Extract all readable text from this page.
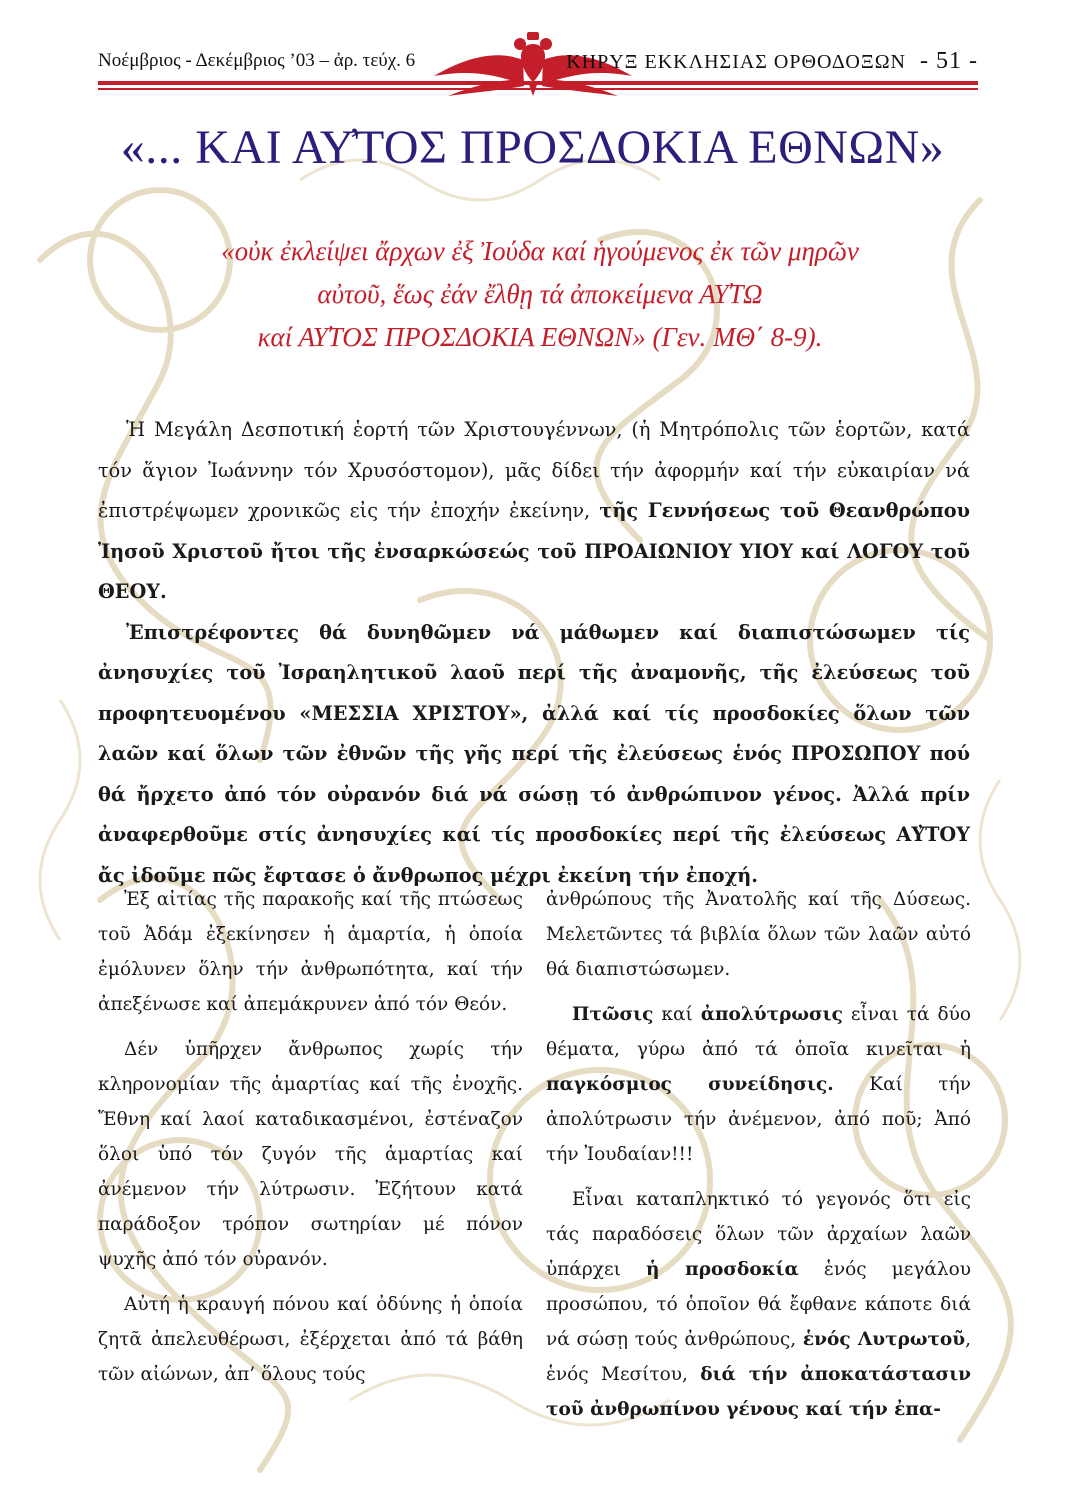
Νοέμβριος - Δεκέμβριος ’03 – ἀρ. τεύχ. 6	ΚΗΡΥΞ ΕΚΚΛΗΣΙΑΣ ΟΡΘΟΔΟΞΩΝ - 51 -
«... ΚΑΙ ΑΥ̓ΤΟΣ ΠΡΟΣΔΟΚΙΑ ΕΘΝΩΝ»
«οὐκ ἐκλείψει ἄρχων ἐξ Ἰούδα καί ἡγούμενος ἐκ τῶν μηρῶν
αὐτοῦ, ἕως ἐάν ἔλθῃ τά ἀποκείμενα ΑΥ̓ΤΩ
καί ΑΥ̓ΤΟΣ ΠΡΟΣΔΟΚΙΑ ΕΘΝΩΝ» (Γεν. ΜΘ΄ 8-9).

Ἡ Μεγάλη Δεσποτική ἑορτή τῶν Χριστουγέννων, (ἡ Μητρόπολις τῶν ἑορτῶν, κατά τόν ἅγιον Ἰωάννην τόν Χρυσόστομον), μᾶς δίδει τήν ἀφορμήν καί τήν εὐκαιρίαν νά ἐπιστρέψωμεν χρονικῶς εἰς τήν ἐποχήν ἐκείνην, τῆς Γεννήσεως τοῦ Θεανθρώπου Ἰησοῦ Χριστοῦ ἤτοι τῆς ἐνσαρκώσεώς τοῦ ΠΡΟΑΙΩΝΙΟΥ ΥΙΟΥ καί ΛΟΓΟΥ τοῦ ΘΕΟΥ.

Ἐπιστρέφοντες θά δυνηθῶμεν νά μάθωμεν καί διαπιστώσωμεν τίς ἀνησυχίες τοῦ Ἰσραηλητικοῦ λαοῦ περί τῆς ἀναμονῆς, τῆς ἐλεύσεως τοῦ προφητευομένου «ΜΕΣΣΙΑ ΧΡΙΣΤΟΥ», ἀλλά καί τίς προσδοκίες ὅλων τῶν λαῶν καί ὅλων τῶν ἐθνῶν τῆς γῆς περί τῆς ἐλεύσεως ἑνός ΠΡΟΣΩΠΟΥ πού θά ἤρχετο ἀπό τόν οὐρανόν διά νά σώσῃ τό ἀνθρώπινον γένος. Ἀλλά πρίν ἀναφερθοῦμε στίς ἀνησυχίες καί τίς προσδοκίες περί τῆς ἐλεύσεως ΑΥ̓ΤΟΥ ἄς ἰδοῦμε πῶς ἔφτασε ὁ ἄνθρωπος μέχρι ἐκείνη τήν ἐποχή.

Ἐξ αἰτίας τῆς παρακοῆς καί τῆς πτώσεως τοῦ Ἀδάμ ἐξεκίνησεν ἡ ἁμαρτία, ἡ ὁποία ἐμόλυνεν ὅλην τήν ἀνθρωπότητα, καί τήν ἀπεξένωσε καί ἀπεμάκρυνεν ἀπό τόν Θεόν.

Δέν ὑπῆρχεν ἄνθρωπος χωρίς τήν κληρονομίαν τῆς ἁμαρτίας καί τῆς ἐνοχῆς. Ἔθνη καί λαοί καταδικασμένοι, ἐστέναζον ὅλοι ὑπό τόν ζυγόν τῆς ἁμαρτίας καί ἀνέμενον τήν λύτρωσιν. Ἐζήτουν κατά παράδοξον τρόπον σωτηρίαν μέ πόνον ψυχῆς ἀπό τόν οὐρανόν.

Αὐτή ἡ κραυγή πόνου καί ὀδύνης ἡ ὁποία ζητᾶ ἀπελευθέρωσι, ἐξέρχεται ἀπό τά βάθη τῶν αἰώνων, ἀπ’ ὅλους τούς

ἀνθρώπους τῆς Ἀνατολῆς καί τῆς Δύσεως. Μελετῶντες τά βιβλία ὅλων τῶν λαῶν αὐτό θά διαπιστώσωμεν.

Πτῶσις καί ἀπολύτρωσις εἶναι τά δύο θέματα, γύρω ἀπό τά ὁποῖα κινεῖται ἡ παγκόσμιος συνείδησις. Καί τήν ἀπολύτρωσιν τήν ἀνέμενον, ἀπό ποῦ; Ἀπό τήν Ἰουδαίαν!!!

Εἶναι καταπληκτικό τό γεγονός ὅτι εἰς τάς παραδόσεις ὅλων τῶν ἀρχαίων λαῶν ὑπάρχει ἡ προσδοκία ἑνός μεγάλου προσώπου, τό ὁποῖον θά ἔφθανε κάποτε διά νά σώσῃ τούς ἀνθρώπους, ἑνός Λυτρωτοῦ, ἑνός Μεσίτου, διά τήν ἀποκατάστασιν τοῦ ἀνθρωπίνου γένους καί τήν ἐπα-
